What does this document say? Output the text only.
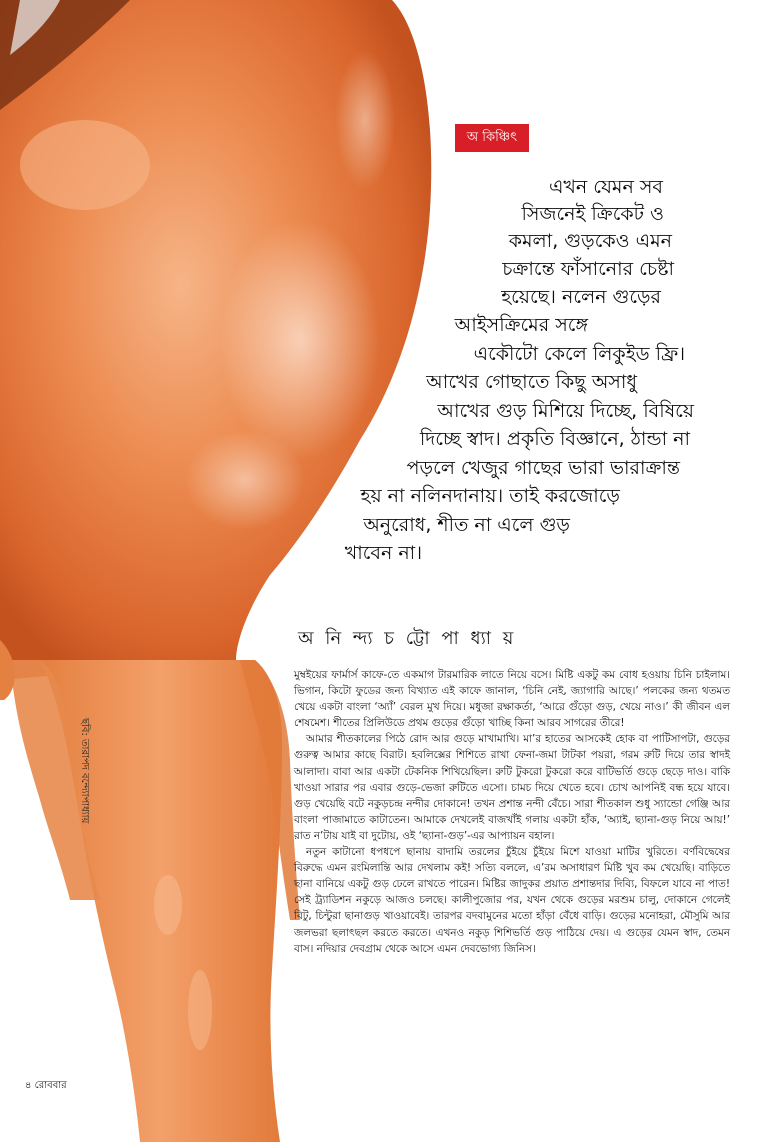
অ কিঞ্চিৎ
এখন যেমন সব
সিজনেই ক্রিকেট ও
কমলা, গুড়কেও এমন
চক্রান্তে ফাঁসানোর চেষ্টা
হয়েছে। নলেন গুড়ের
আইসক্রিমের সঙ্গে
একৌটো কেলে লিকুইড ফ্রি।
আখের গোছাতে কিছু অসাধু
আখের গুড় মিশিয়ে দিচ্ছে, বিষিয়ে
দিচ্ছে স্বাদ। প্রকৃতি বিজ্ঞানে, ঠান্ডা না
পড়লে খেজুর গাছের ভারা ভারাক্রান্ত
হয় না নলিনদানায়। তাই করজোড়ে
অনুরোধ, শীত না এলে গুড়
খাবেন না।
অ নি ন্দ্য চ ট্টো পা ধ্যা য়

মুম্বইয়ের ফার্মার্স কাফে-তে একমাগ টারমারিক লাতে নিয়ে বসে। মিষ্টি একটু কম বোধ হওয়ায় চিনি চাইলাম। ভিগান, কিটো ফুডের জন্য বিখ্যাত এই কাফে জানাল, ‘চিনি নেই, জ্যাগারি আছে।’ পলকের জন্য থতমত খেয়ে একটা বাংলা ‘অ্যাঁ’ বেরল মুখ দিয়ে। মধুজা রক্ষাকর্তা, ‘আরে গুঁড়ো গুড়, খেয়ে নাও।’ কী জীবন এল শেষমেশ। শীতের প্রিলিউডে প্রথম গুড়ের গুঁড়ো খাচ্ছি কিনা আরব সাগরের তীরে!

আমার শীতকালের পিঠে রোদ আর গুড়ে মাখামাখি। মা’র হাতের আসকেই হোক বা পাটিসাপটা, গুড়ের গুরুত্ব আমার কাছে বিরাট। হবলিক্সের শিশিতে রাখা ফেনা-জমা টাটকা পয়রা, গরম রুটি দিয়ে তার স্বাদই আলাদা। বাবা আর একটা টেকনিক শিখিয়েছিল। রুটি টুকরো টুকরো করে বাটিভর্তি গুড়ে ছেড়ে দাও। বাকি খাওয়া সারার পর এবার গুড়ে-ভেজা রুটিতে এসো। চামচ দিয়ে খেতে হবে। চোখ আপনিই বন্ধ হয়ে যাবে। গুড় খেয়েছি বটে নকুড়চন্দ্র নন্দীর দোকানে! তখন প্রশান্ত নন্দী বেঁচে। সারা শীতকাল শুধু স্যান্ডো গেঞ্জি আর বাংলা পাজামাতে কাটাতেন। আমাকে দেখলেই বাজখাঁই গলায় একটা হাঁক, ‘অ্যাই, ছ্যানা-গুড় নিয়ে আয়!’ রাত ন’টায় যাই বা দুটোয়, ওই ‘ছ্যানা-গুড়’-এর আপ্যায়ন বহাল।

নতুন কাটানো ধপধপে ছানায় বাদামি তরলের চুঁইয়ে চুঁইয়ে মিশে যাওয়া মাটির খুরিতে। বর্ণবিদ্বেষের বিরুদ্ধে এমন রংমিলান্তি আর দেখলাম কই! সত্যি বললে, এ’রম অসাধারণ মিষ্টি খুব কম খেয়েছি। বাড়িতে ছানা বানিয়ে একটু গুড় ঢেলে রাখতে পারেন। মিষ্টির জাদুকর প্রয়াত প্রশান্তদার দিব্যি, বিফলে যাবে না পাত! সেই ট্র্যাডিশন নকুড়ে আজও চলছে। কালীপুজোর পর, যখন থেকে গুড়ের মরশুম চালু, দোকানে গেলেই বিটু, চিন্টুরা ছানাগুড় খাওয়াবেই। তারপর বদবামুনের মতো হাঁড়া বেঁধে বাড়ি। গুড়ের মনোহরা, মৌসুমি আর জলভরা ছলাৎছল করতে করতে। এখনও নকুড় শিশিভর্তি গুড় পাঠিয়ে দেয়। এ গুড়ের যেমন স্বাদ, তেমন বাস। নদিয়ার দেবগ্রাম থেকে আসে এমন দেবভোগ্য জিনিস।

ছবি: তারাপদ বন্দ্যোপাধ্যায়
৪ রোববার
